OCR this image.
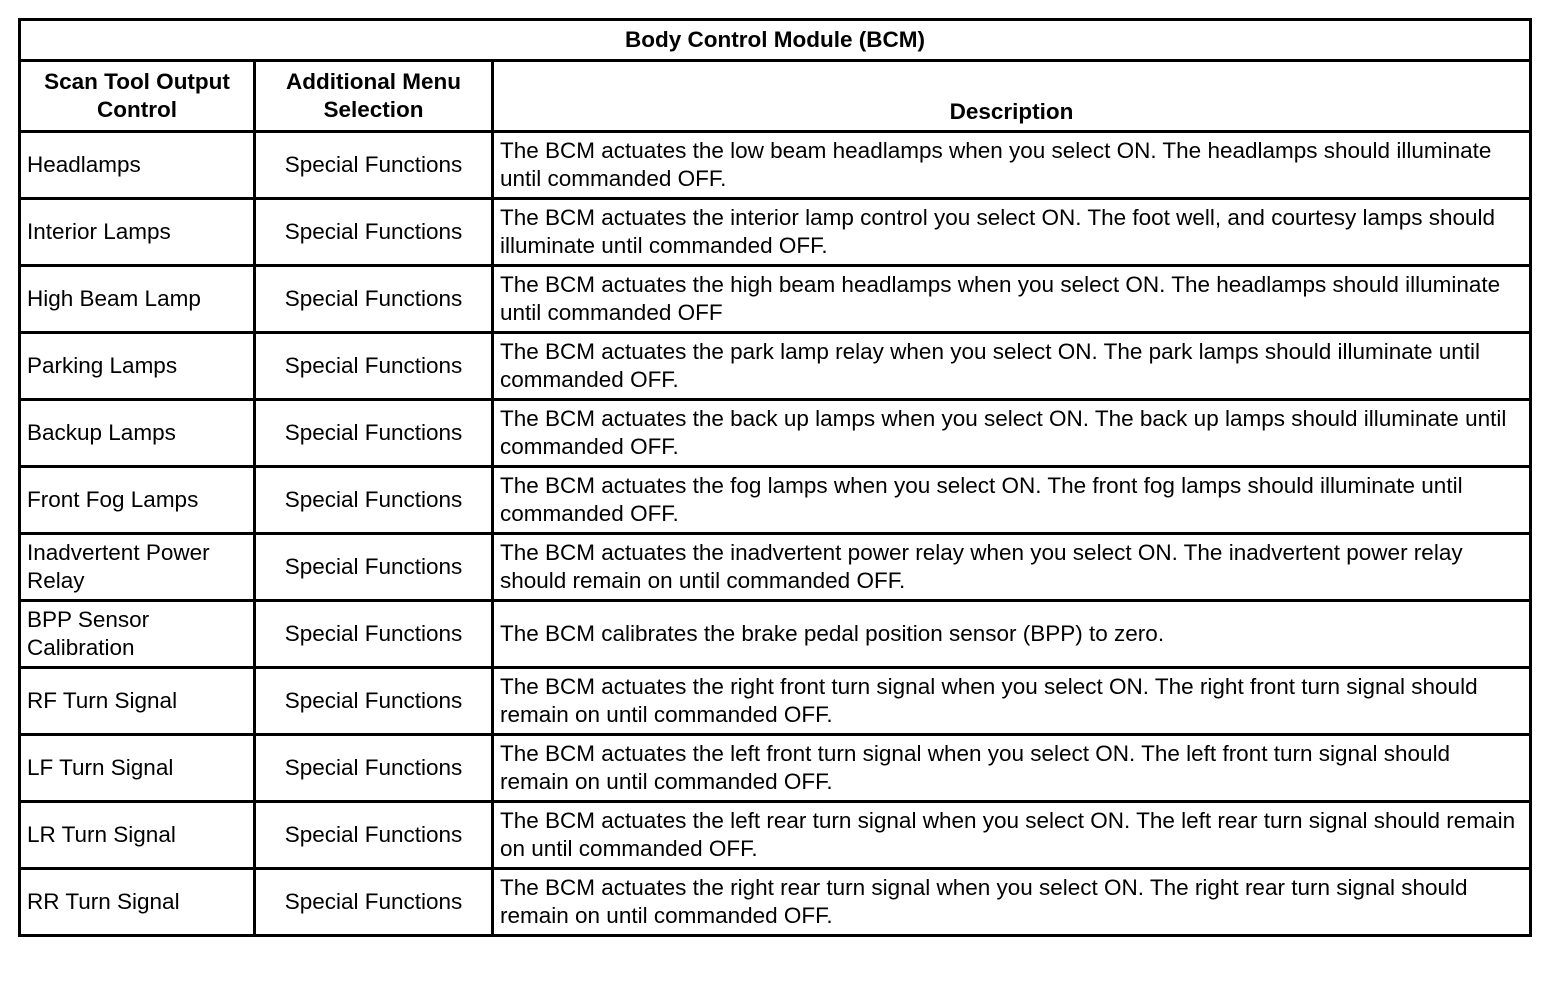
Body Control Module (BCM)		
Scan Tool Output Control	Additional Menu Selection	Description
Headlamps	Special Functions	The BCM actuates the low beam headlamps when you select ON. The headlamps should illuminate until commanded OFF.
Interior Lamps	Special Functions	The BCM actuates the interior lamp control you select ON. The foot well, and courtesy lamps should illuminate until commanded OFF.
High Beam Lamp	Special Functions	The BCM actuates the high beam headlamps when you select ON. The headlamps should illuminate until commanded OFF
Parking Lamps	Special Functions	The BCM actuates the park lamp relay when you select ON. The park lamps should illuminate until commanded OFF.
Backup Lamps	Special Functions	The BCM actuates the back up lamps when you select ON. The back up lamps should illuminate until commanded OFF.
Front Fog Lamps	Special Functions	The BCM actuates the fog lamps when you select ON. The front fog lamps should illuminate until commanded OFF.
Inadvertent Power Relay	Special Functions	The BCM actuates the inadvertent power relay when you select ON. The inadvertent power relay should remain on until commanded OFF.
BPP Sensor Calibration	Special Functions	The BCM calibrates the brake pedal position sensor (BPP) to zero.
RF Turn Signal	Special Functions	The BCM actuates the right front turn signal when you select ON. The right front turn signal should remain on until commanded OFF.
LF Turn Signal	Special Functions	The BCM actuates the left front turn signal when you select ON. The left front turn signal should remain on until commanded OFF.
LR Turn Signal	Special Functions	The BCM actuates the left rear turn signal when you select ON. The left rear turn signal should remain on until commanded OFF.
RR Turn Signal	Special Functions	The BCM actuates the right rear turn signal when you select ON. The right rear turn signal should remain on until commanded OFF.
